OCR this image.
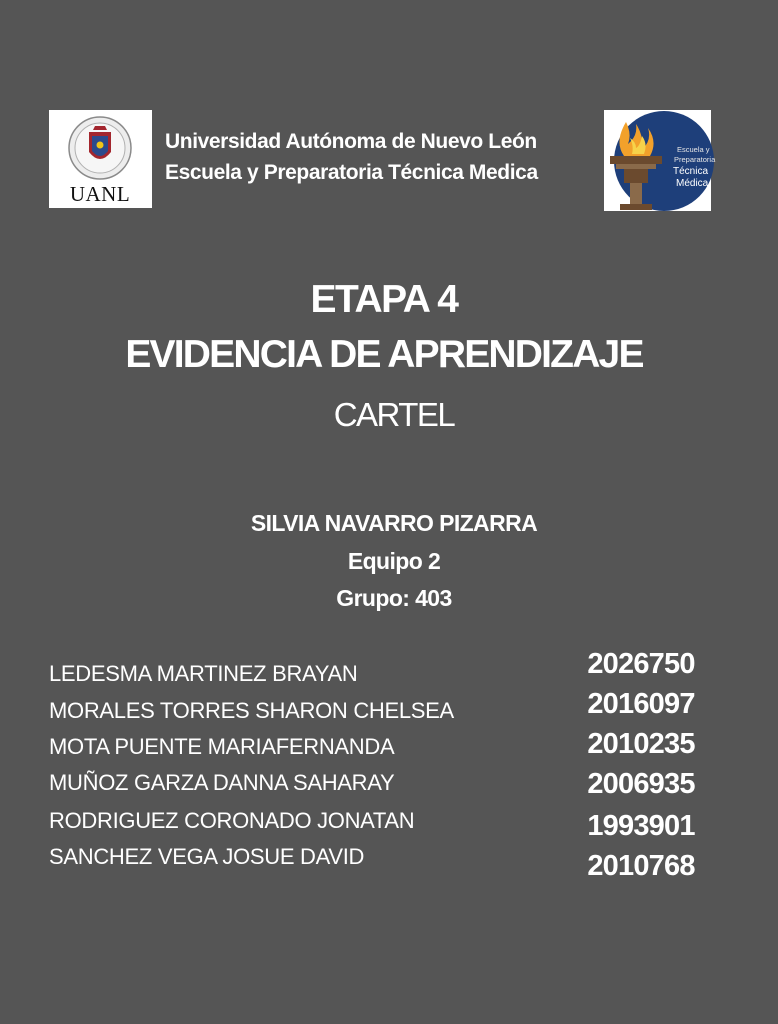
UANL
Universidad Autónoma de Nuevo León
Escuela y Preparatoria Técnica Medica
Escuela y
Preparatoria
Técnica
Médica
ETAPA 4
EVIDENCIA DE APRENDIZAJE
CARTEL
SILVIA NAVARRO PIZARRA
Equipo 2
Grupo: 403
LEDESMA MARTINEZ BRAYAN	2026750
MORALES TORRES SHARON CHELSEA	2016097
MOTA PUENTE MARIAFERNANDA	2010235
MUÑOZ GARZA DANNA SAHARAY	2006935
RODRIGUEZ CORONADO JONATAN	1993901
SANCHEZ VEGA JOSUE DAVID	2010768
